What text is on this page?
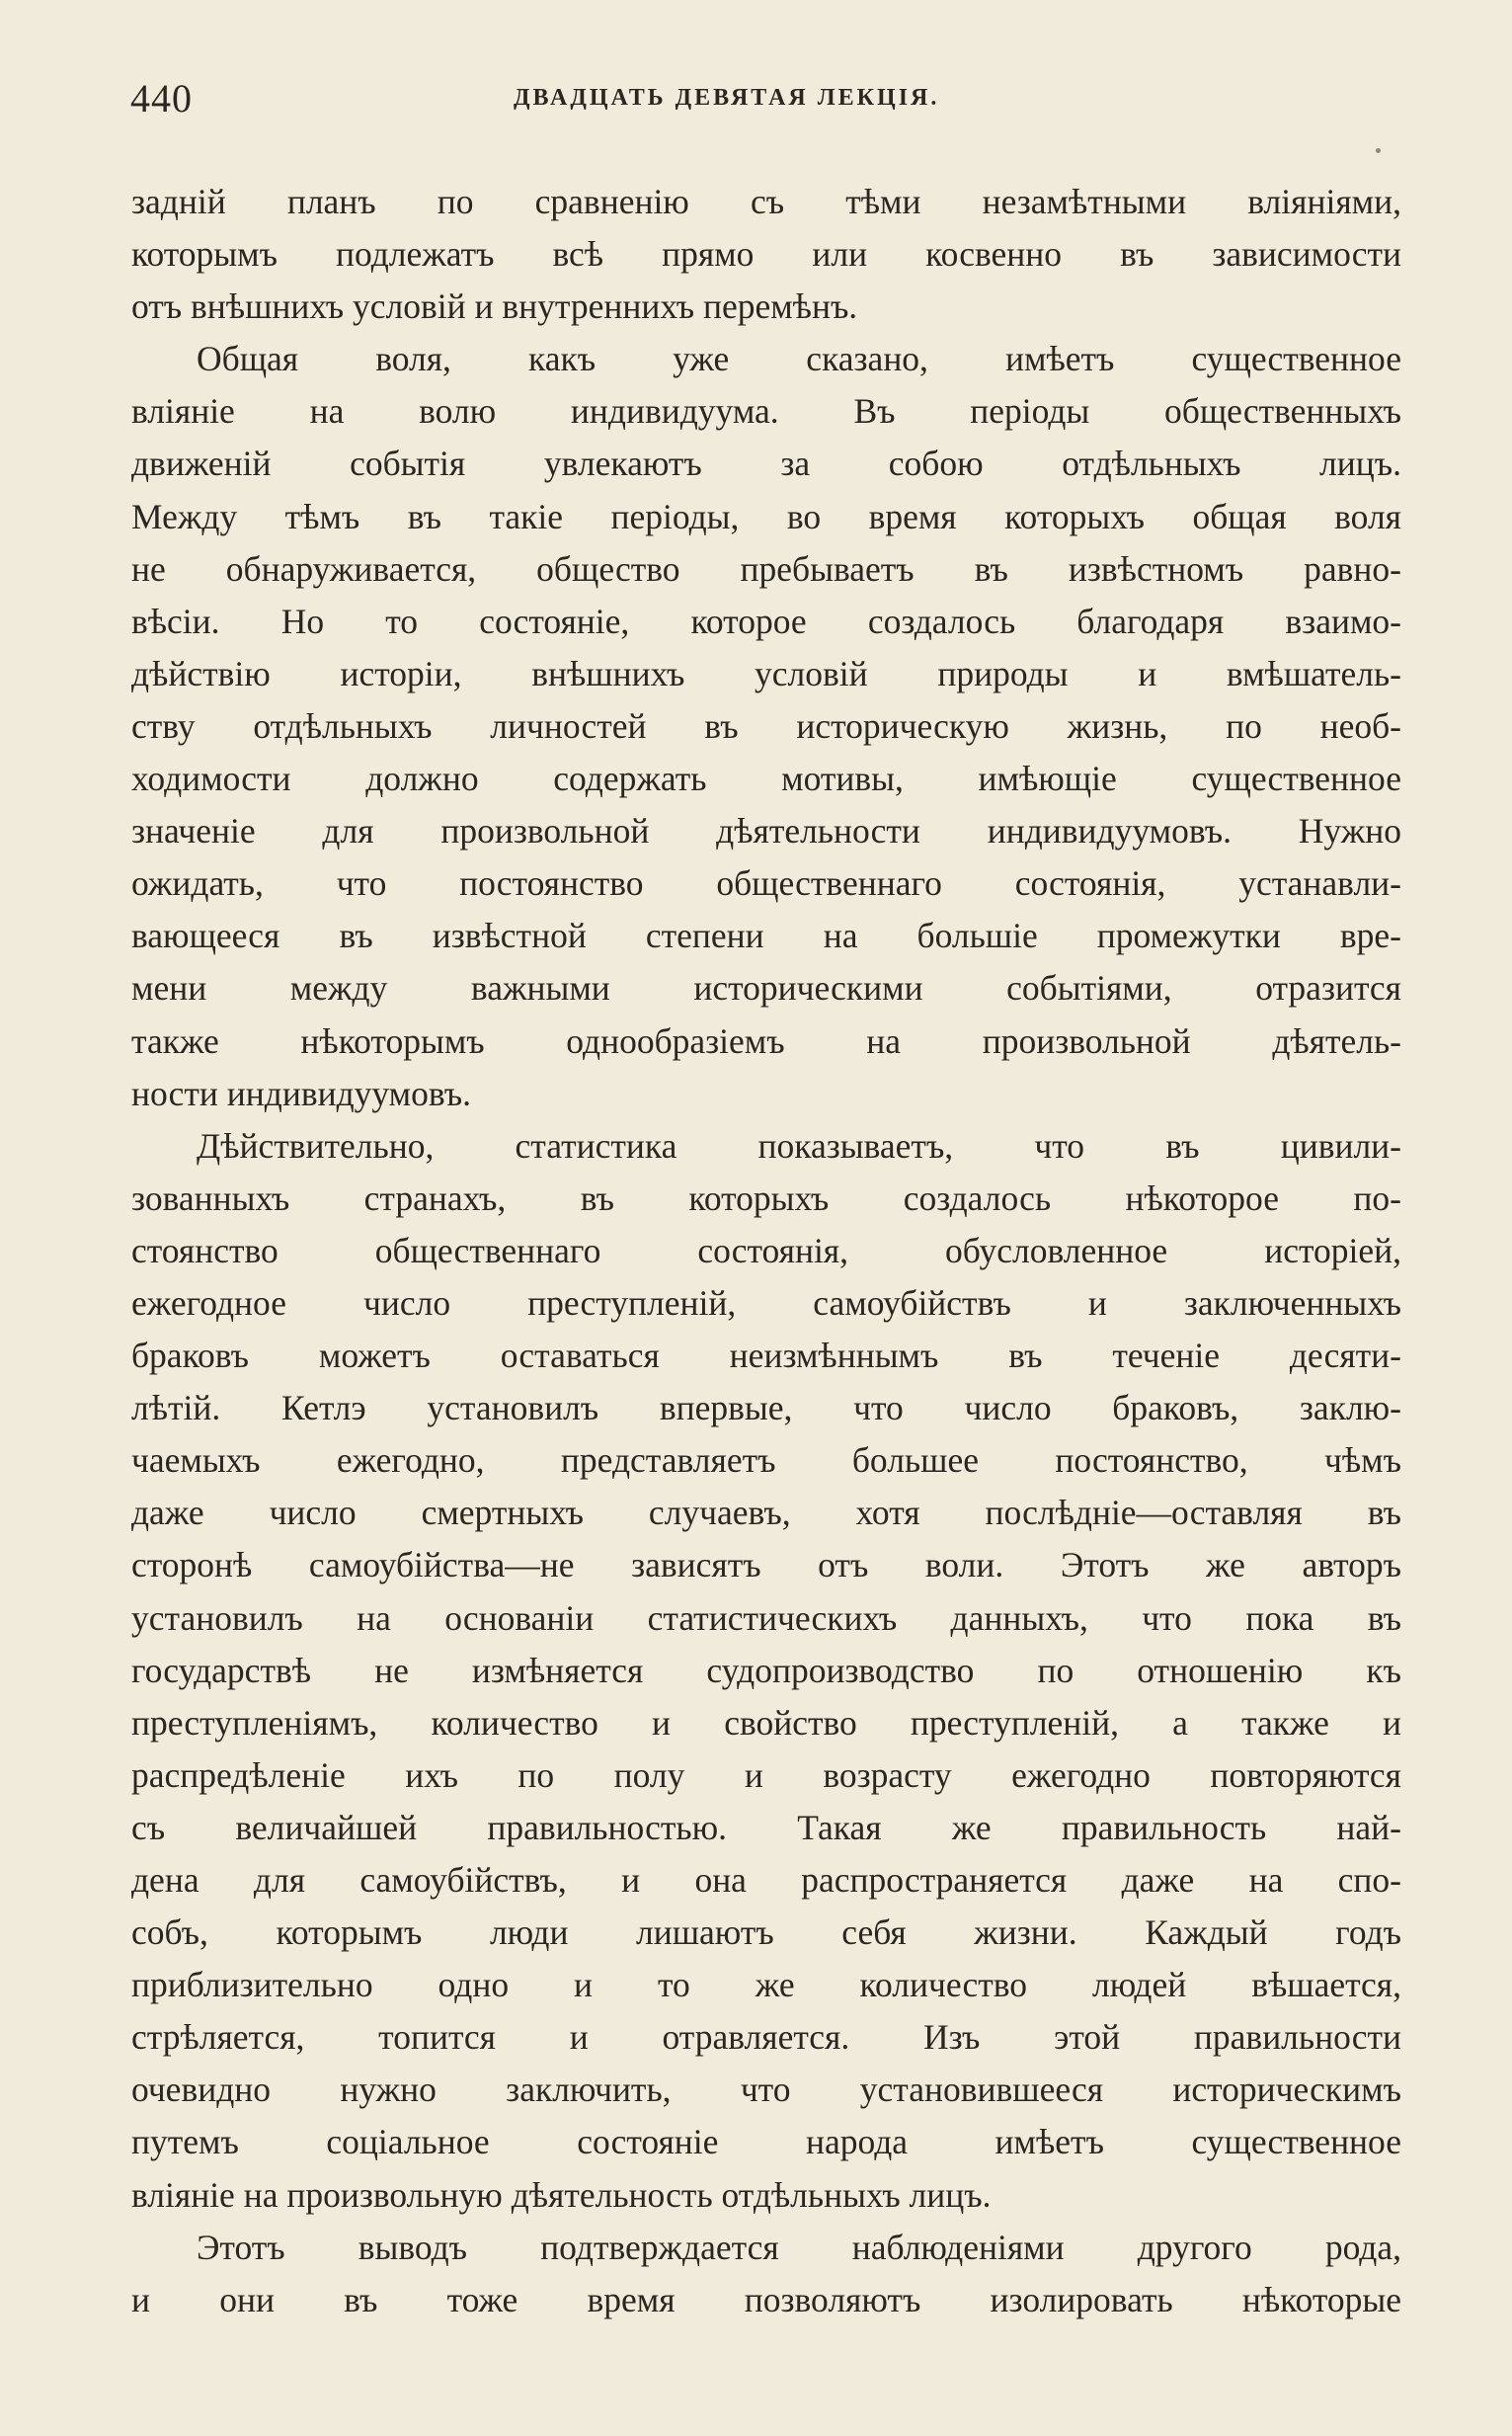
440	ДВАДЦАТЬ ДЕВЯТАЯ ЛЕКЦІЯ.
заднiй планъ по сравненiю съ тѣми незамѣтными влiянiями,
которымъ подлежатъ всѣ прямо или косвенно въ зависимости
отъ внѣшнихъ условiй и внутреннихъ перемѣнъ.
Общая воля, какъ уже сказано, имѣетъ существенное
влiянiе на волю индивидуума. Въ перiоды общественныхъ
движенiй событiя увлекаютъ за собою отдѣльныхъ лицъ.
Между тѣмъ въ такiе перiоды, во время которыхъ общая воля
не обнаруживается, общество пребываетъ въ извѣстномъ равно-
вѣсiи. Но то состоянiе, которое создалось благодаря взаимо-
дѣйствiю исторiи, внѣшнихъ условiй природы и вмѣшатель-
ству отдѣльныхъ личностей въ историческую жизнь, по необ-
ходимости должно содержать мотивы, имѣющiе существенное
значенiе для произвольной дѣятельности индивидуумовъ. Нужно
ожидать, что постоянство общественнаго состоянiя, устанавли-
вающееся въ извѣстной степени на большiе промежутки вре-
мени между важными историческими событiями, отразится
также нѣкоторымъ однообразiемъ на произвольной дѣятель-
ности индивидуумовъ.
Дѣйствительно, статистика показываетъ, что въ цивили-
зованныхъ странахъ, въ которыхъ создалось нѣкоторое по-
стоянство общественнаго состоянiя, обусловленное исторiей,
ежегодное число преступленiй, самоубiйствъ и заключенныхъ
браковъ можетъ оставаться неизмѣннымъ въ теченiе десяти-
лѣтiй. Кетлэ установилъ впервые, что число браковъ, заклю-
чаемыхъ ежегодно, представляетъ большее постоянство, чѣмъ
даже число смертныхъ случаевъ, хотя послѣднiе—оставляя въ
сторонѣ самоубiйства—не зависятъ отъ воли. Этотъ же авторъ
установилъ на основанiи статистическихъ данныхъ, что пока въ
государствѣ не измѣняется судопроизводство по отношенiю къ
преступленiямъ, количество и свойство преступленiй, а также и
распредѣленiе ихъ по полу и возрасту ежегодно повторяются
съ величайшей правильностью. Такая же правильность най-
дена для самоубiйствъ, и она распространяется даже на спо-
собъ, которымъ люди лишаютъ себя жизни. Каждый годъ
приблизительно одно и то же количество людей вѣшается,
стрѣляется, топится и отравляется. Изъ этой правильности
очевидно нужно заключить, что установившееся историческимъ
путемъ соцiальное состоянiе народа имѣетъ существенное
влiянiе на произвольную дѣятельность отдѣльныхъ лицъ.
Этотъ выводъ подтверждается наблюденiями другого рода,
и они въ тоже время позволяютъ изолировать нѣкоторые
